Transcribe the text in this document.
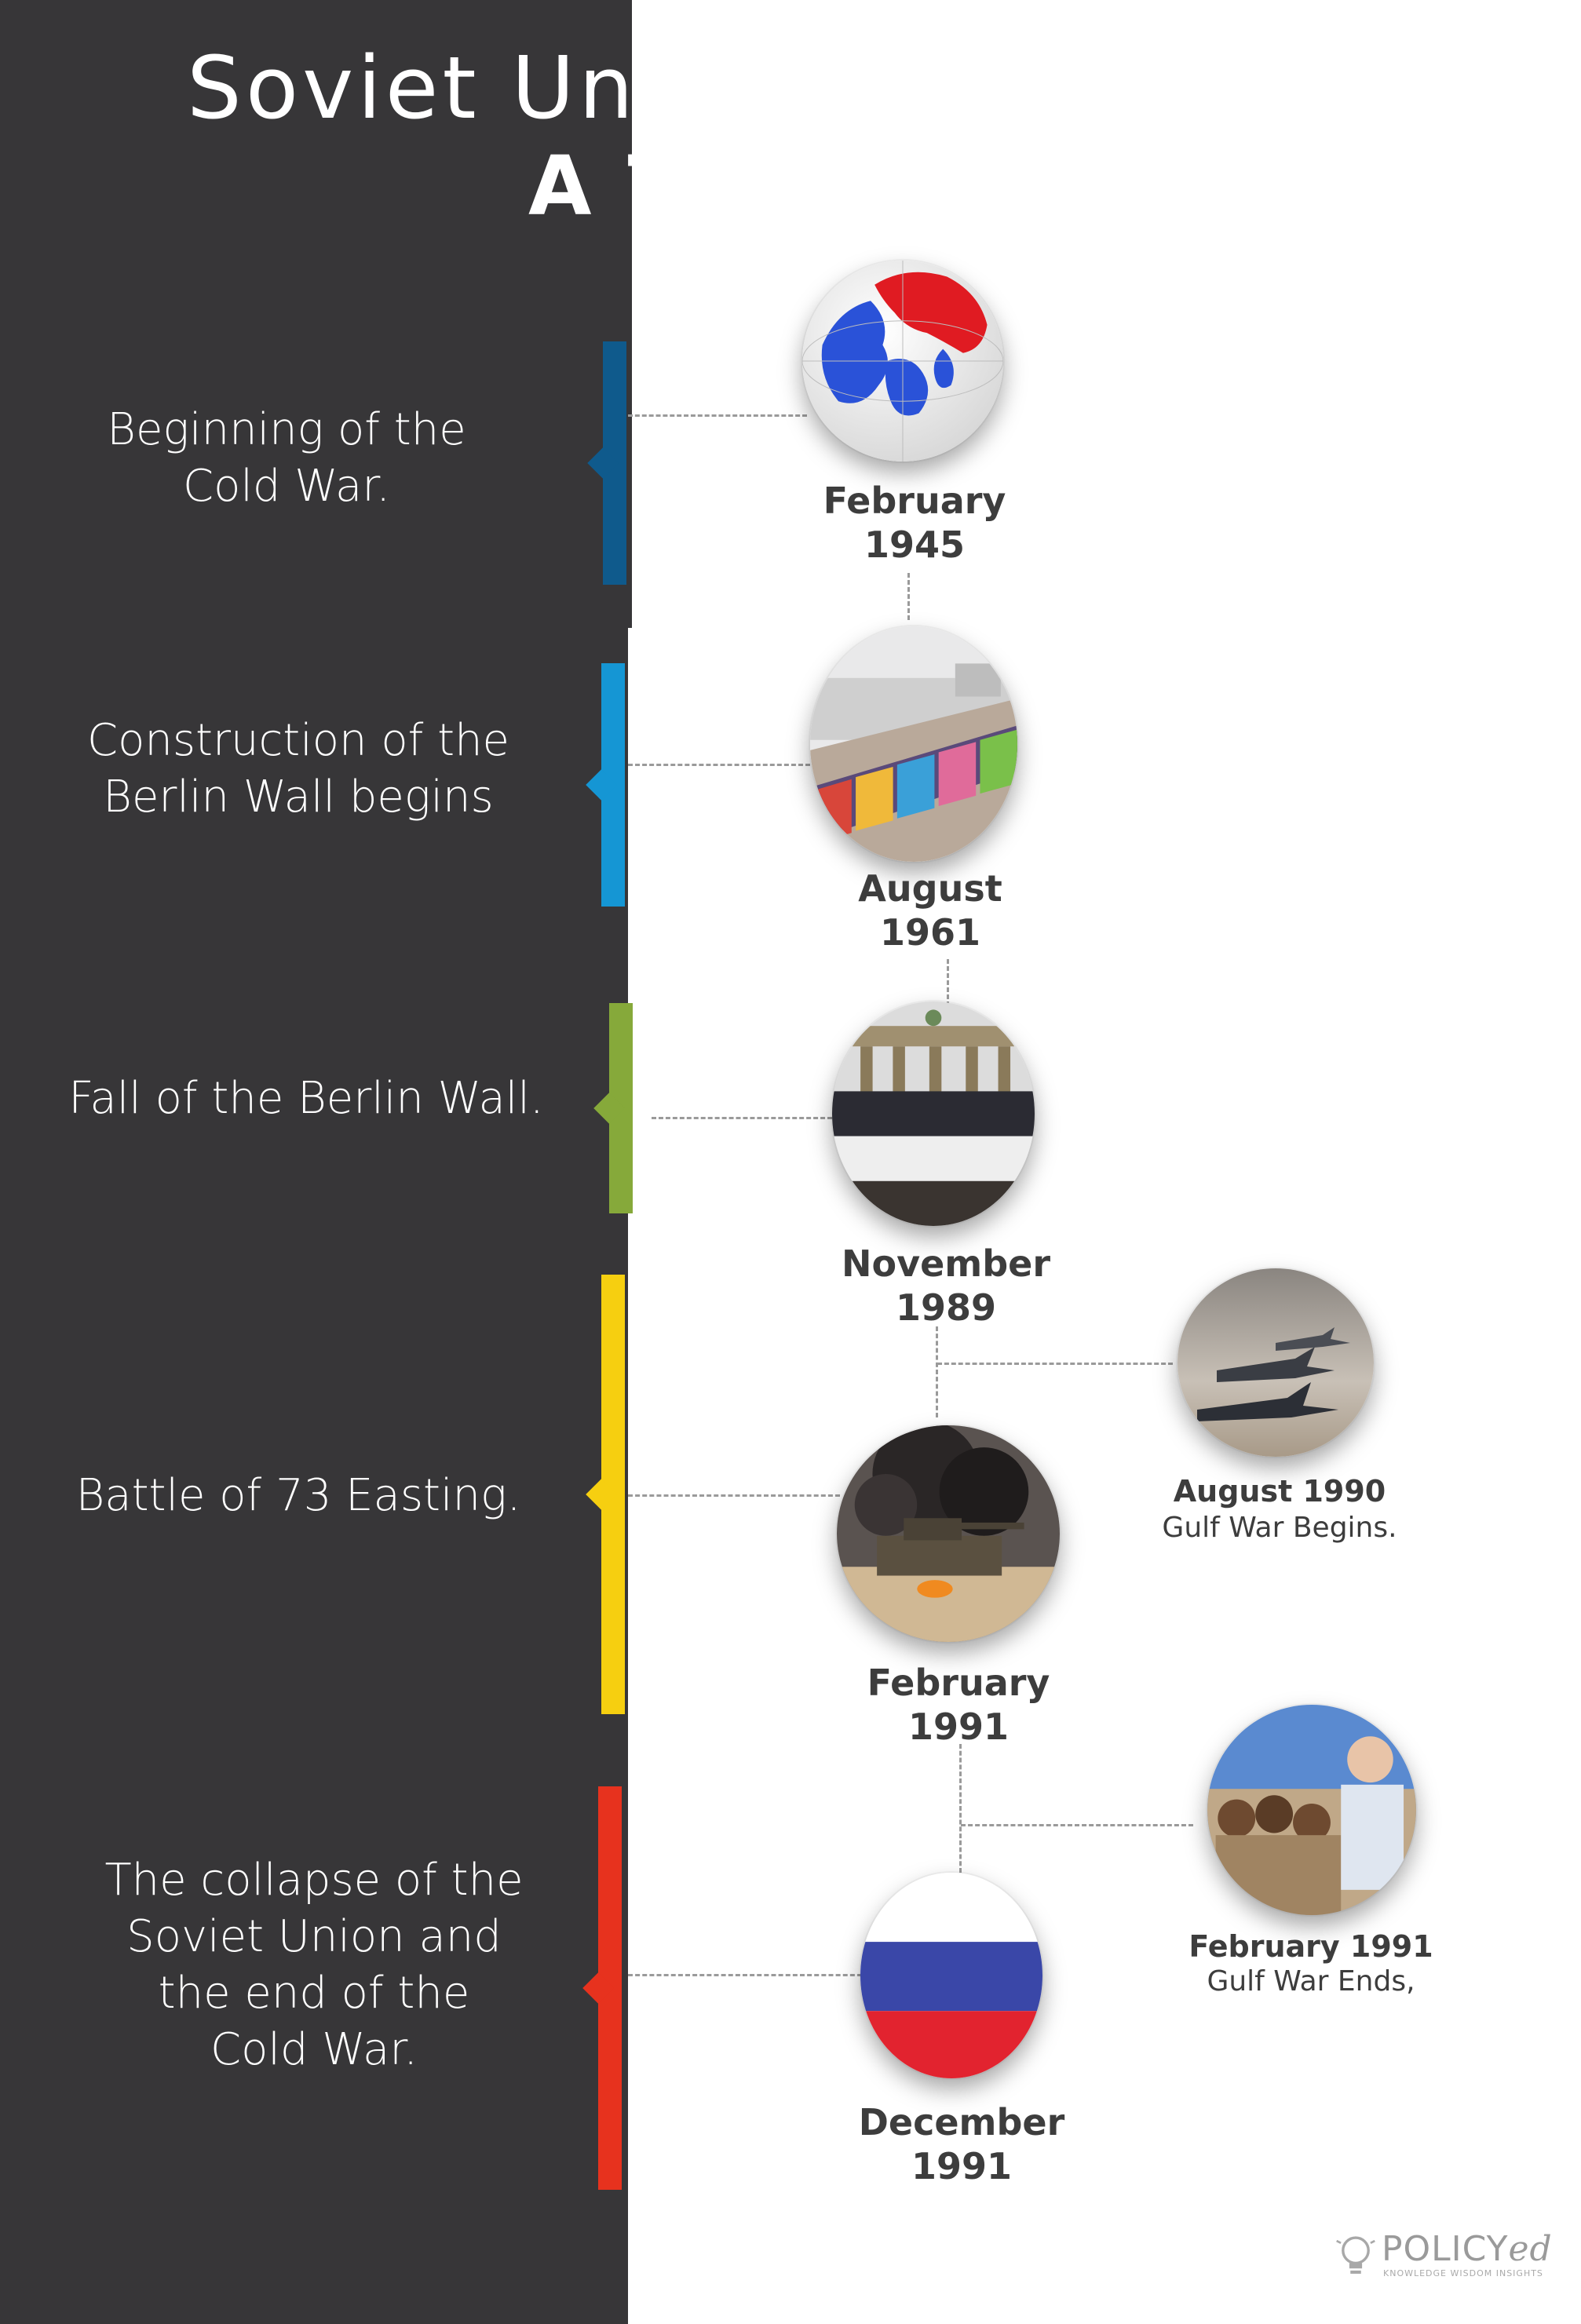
Soviet Union and the Gulf
A Timeline
Beginning of the
Cold War.	February
1945
Construction of the
Berlin Wall begins
August
1961
Fall of the Berlin Wall.
November
1989
August 1990
Gulf War Begins.
Battle of 73 Easting.
February
1991
February 1991
Gulf War Ends,
The collapse of the
Soviet Union and
the end of the
Cold War.
December
1991
POLICYed
KNOWLEDGE WISDOM INSIGHTS
